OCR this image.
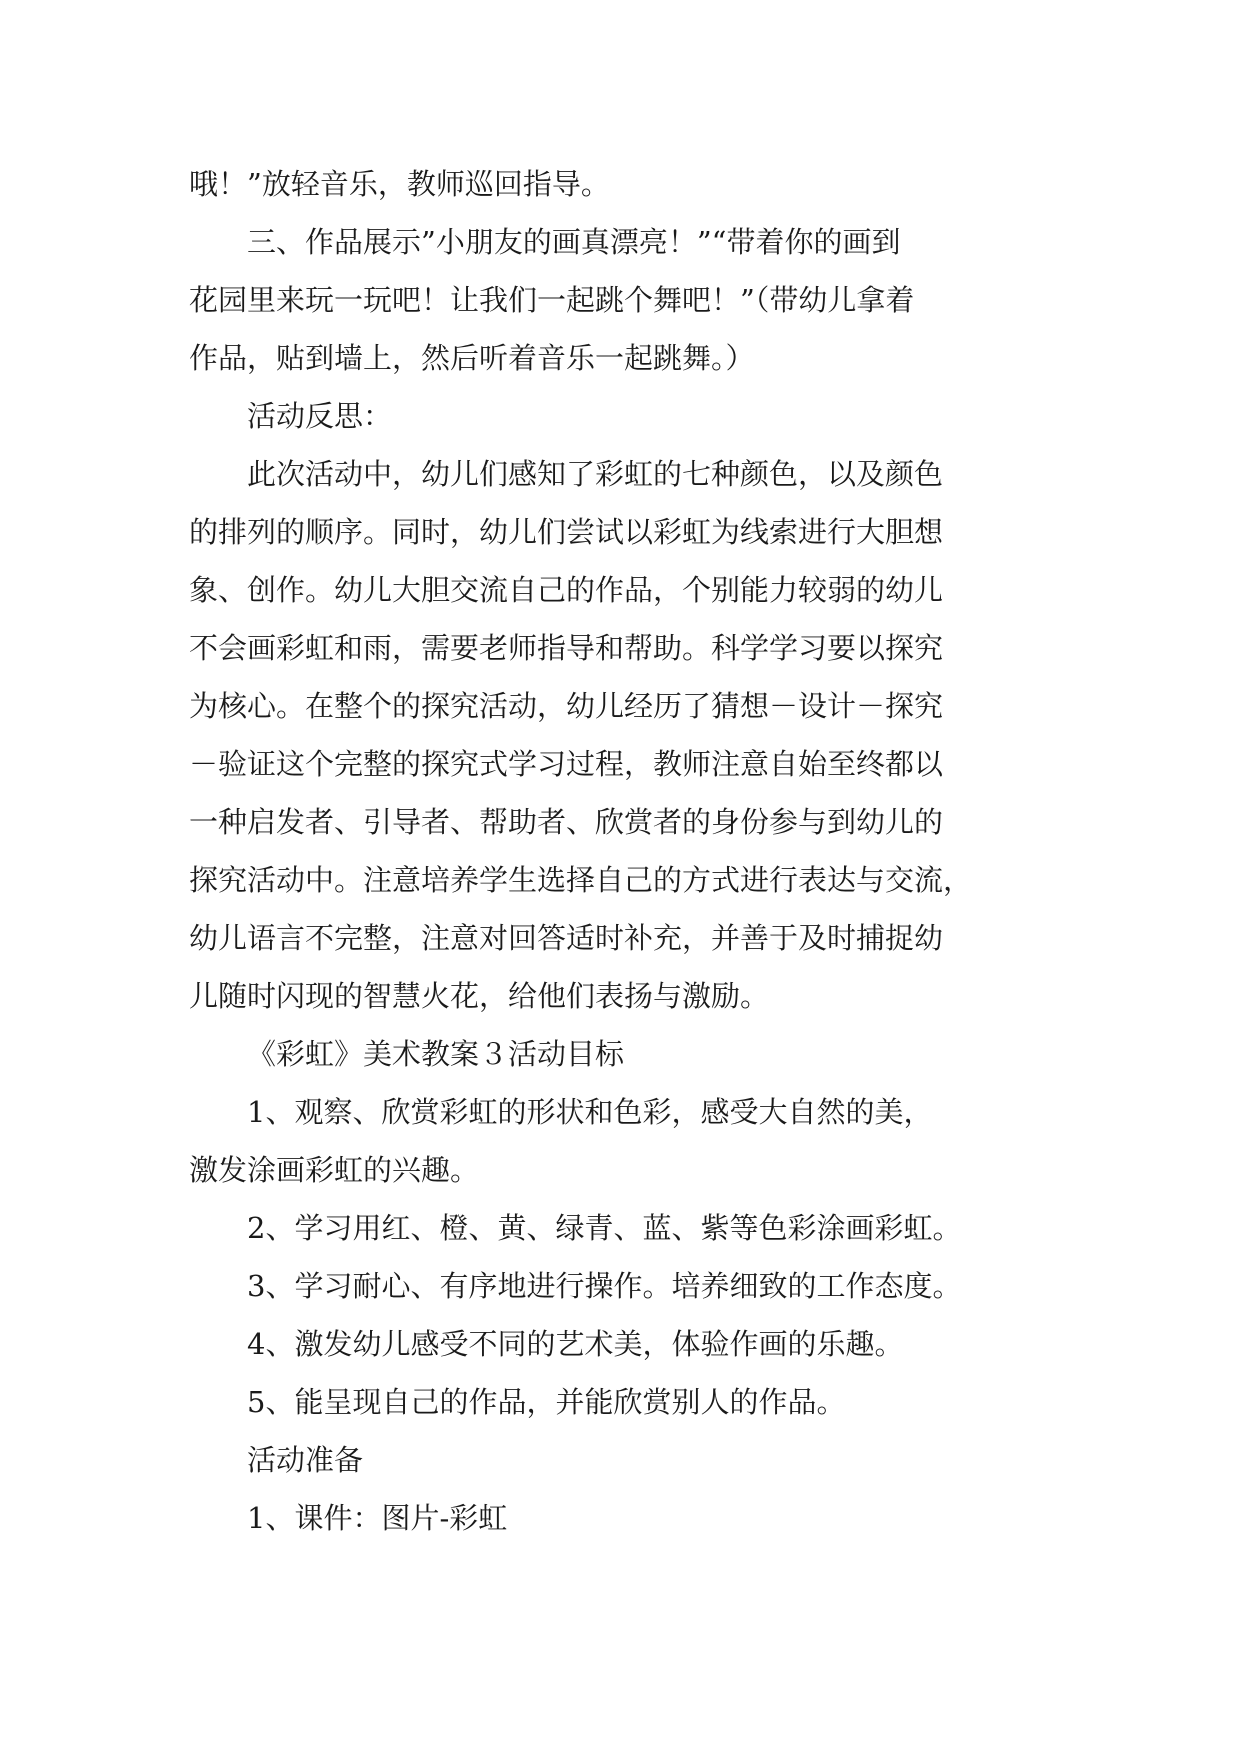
哦！”放轻音乐，教师巡回指导。
三、作品展示”小朋友的画真漂亮！”“带着你的画到
花园里来玩一玩吧！让我们一起跳个舞吧！”（带幼儿拿着
作品，贴到墙上，然后听着音乐一起跳舞。）
活动反思：
此次活动中，幼儿们感知了彩虹的七种颜色，以及颜色
的排列的顺序。同时，幼儿们尝试以彩虹为线索进行大胆想
象、创作。幼儿大胆交流自己的作品，个别能力较弱的幼儿
不会画彩虹和雨，需要老师指导和帮助。科学学习要以探究
为核心。在整个的探究活动，幼儿经历了猜想－设计－探究
－验证这个完整的探究式学习过程，教师注意自始至终都以
一种启发者、引导者、帮助者、欣赏者的身份参与到幼儿的
探究活动中。注意培养学生选择自己的方式进行表达与交流，
幼儿语言不完整，注意对回答适时补充，并善于及时捕捉幼
儿随时闪现的智慧火花，给他们表扬与激励。
《彩虹》美术教案３活动目标
1、观察、欣赏彩虹的形状和色彩，感受大自然的美，
激发涂画彩虹的兴趣。
2、学习用红、橙、黄、绿青、蓝、紫等色彩涂画彩虹。
3、学习耐心、有序地进行操作。培养细致的工作态度。
4、激发幼儿感受不同的艺术美，体验作画的乐趣。
5、能呈现自己的作品，并能欣赏别人的作品。
活动准备
1、课件：图片-彩虹
